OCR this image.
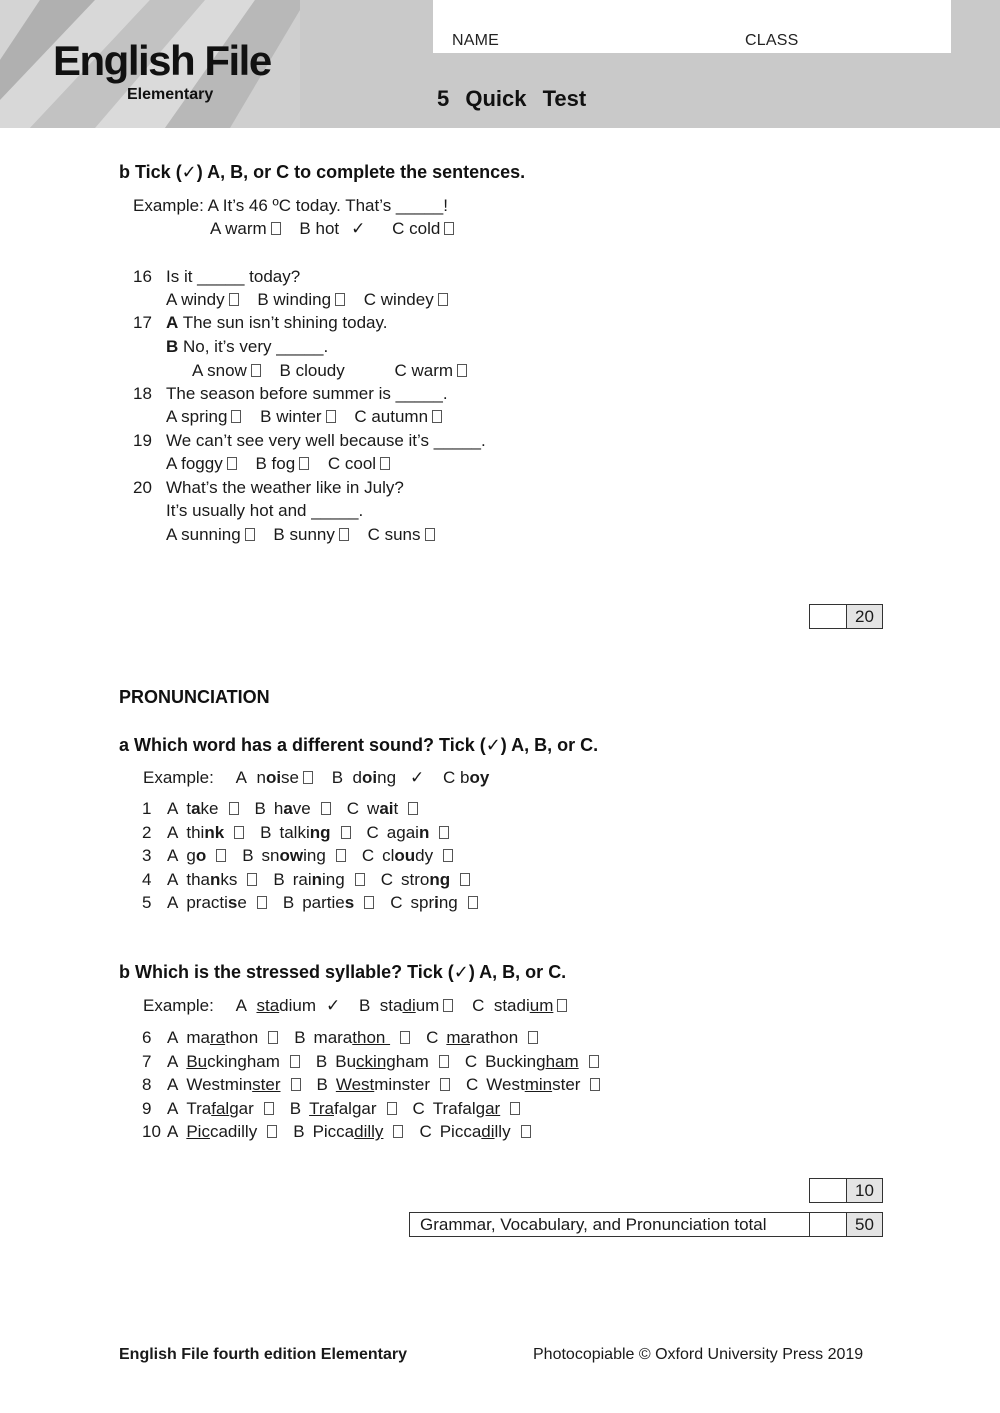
NAME	CLASS
English File
Elementary	5 Quick Test
b Tick (✓) A, B, or C to complete the sentences.
Example: A It’s 46 ºC today. That’s _____!
A warm B hot ✓ C cold
16 Is it _____ today?
A windy B winding C windey
17 A The sun isn’t shining today.
B No, it’s very _____.
A snow B cloudy	C warm
18 The season before summer is _____.
A spring B winter C autumn
19 We can’t see very well because it’s _____.
A foggy B fog C cool
20 What’s the weather like in July?
It’s usually hot and _____.
A sunning B sunny C suns
20
PRONUNCIATION
a Which word has a different sound? Tick (✓) A, B, or C.
Example: A noise B doing ✓ C boy
1 A take B have C wait
2 A think B talking C again
3 A go B snowing C cloudy
4 A thanks B raining C strong
5 A practise B parties C spring
b Which is the stressed syllable? Tick (✓) A, B, or C.
Example: A stadium ✓ B stadium C stadium
6 A marathon B marathon C marathon
7 A Buckingham B Buckingham C Buckingham
8 A Westminster B Westminster C Westminster
9 A Trafalgar B Trafalgar C Trafalgar
10 A Piccadilly B Piccadilly C Piccadilly
10
Grammar, Vocabulary, and Pronunciation total	50
English File fourth edition Elementary	Photocopiable © Oxford University Press 2019
